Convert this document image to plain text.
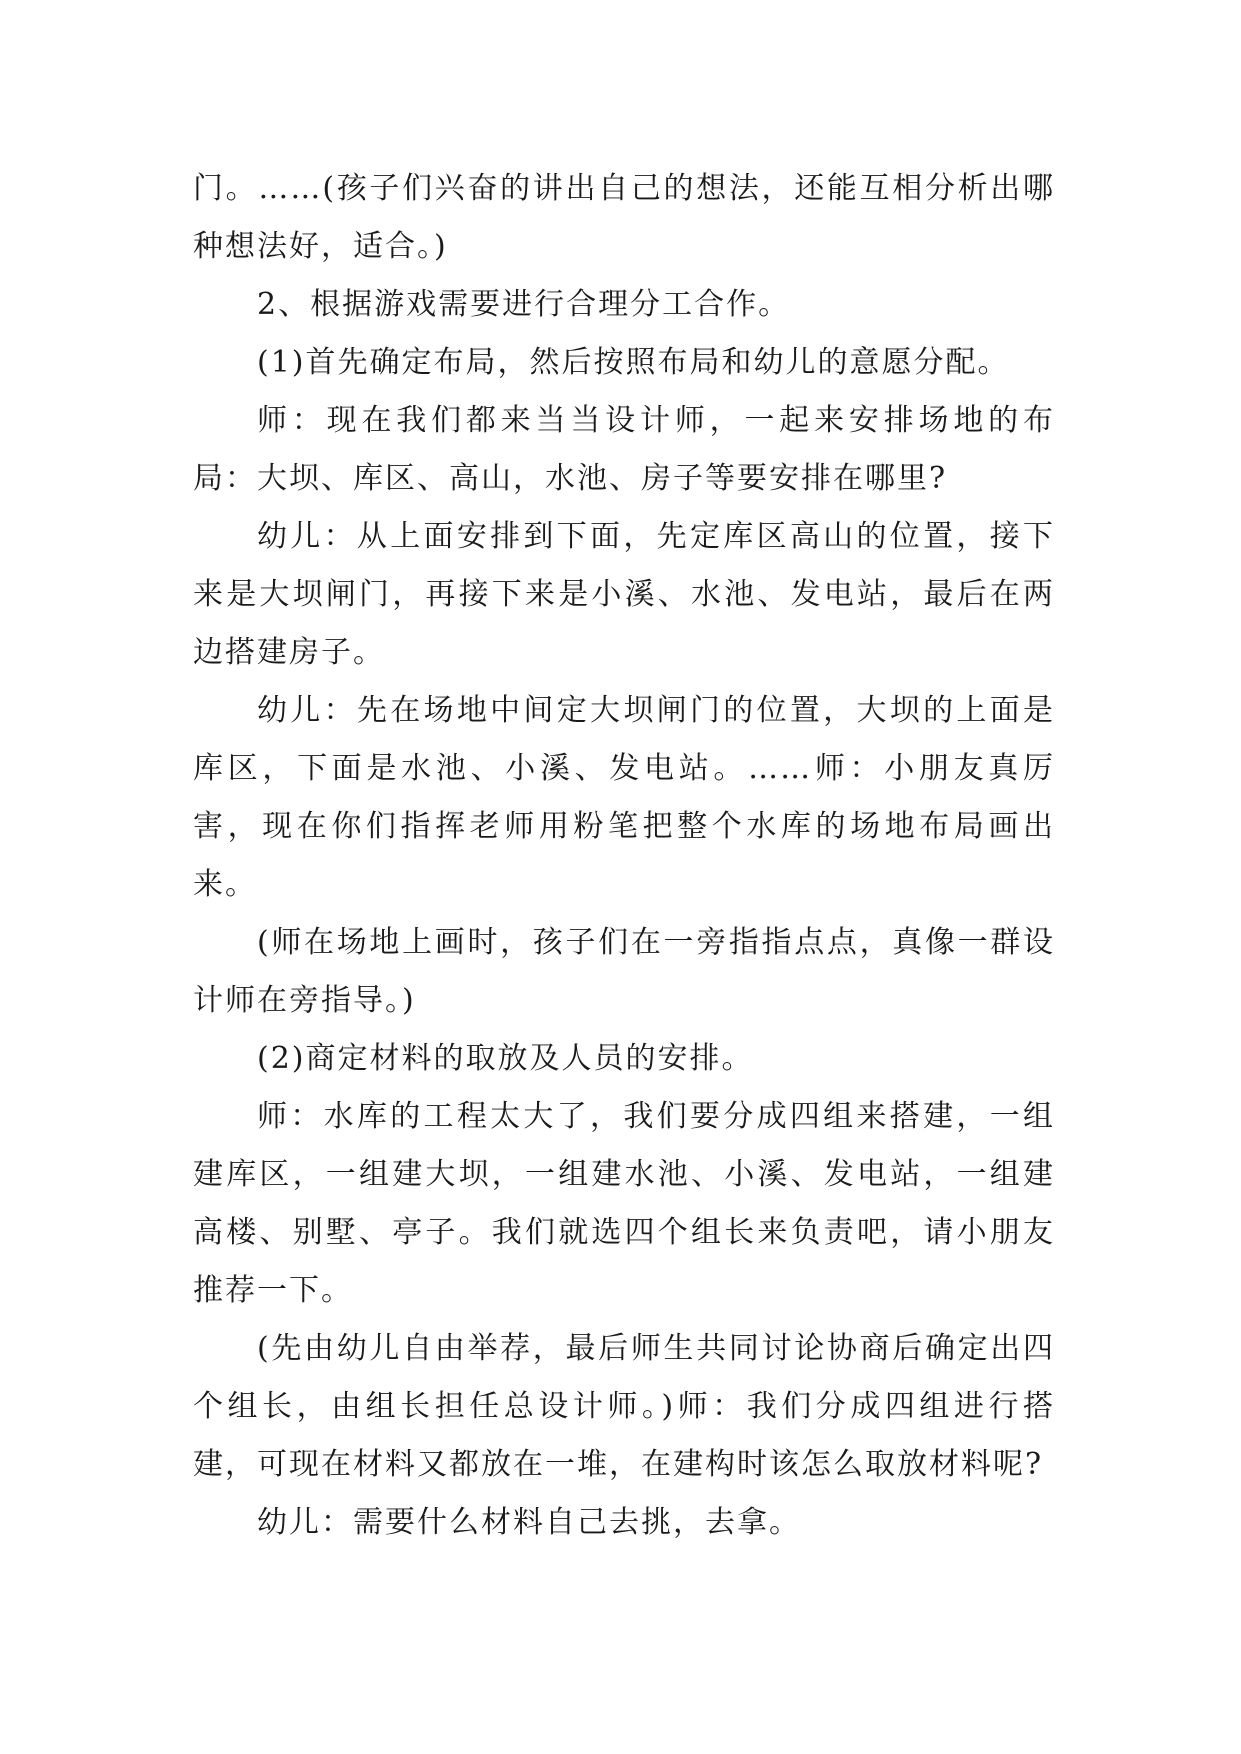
门。……(孩子们兴奋的讲出自己的想法，还能互相分析出哪种想法好，适合。)

2、根据游戏需要进行合理分工合作。

(1)首先确定布局，然后按照布局和幼儿的意愿分配。

师：现在我们都来当当设计师，一起来安排场地的布局：大坝、库区、高山，水池、房子等要安排在哪里?

幼儿：从上面安排到下面，先定库区高山的位置，接下来是大坝闸门，再接下来是小溪、水池、发电站，最后在两边搭建房子。

幼儿：先在场地中间定大坝闸门的位置，大坝的上面是库区，下面是水池、小溪、发电站。……师：小朋友真厉害，现在你们指挥老师用粉笔把整个水库的场地布局画出来。

(师在场地上画时，孩子们在一旁指指点点，真像一群设计师在旁指导。)

(2)商定材料的取放及人员的安排。

师：水库的工程太大了，我们要分成四组来搭建，一组建库区，一组建大坝，一组建水池、小溪、发电站，一组建高楼、别墅、亭子。我们就选四个组长来负责吧，请小朋友推荐一下。

(先由幼儿自由举荐，最后师生共同讨论协商后确定出四个组长，由组长担任总设计师。)师：我们分成四组进行搭建，可现在材料又都放在一堆，在建构时该怎么取放材料呢?

幼儿：需要什么材料自己去挑，去拿。
